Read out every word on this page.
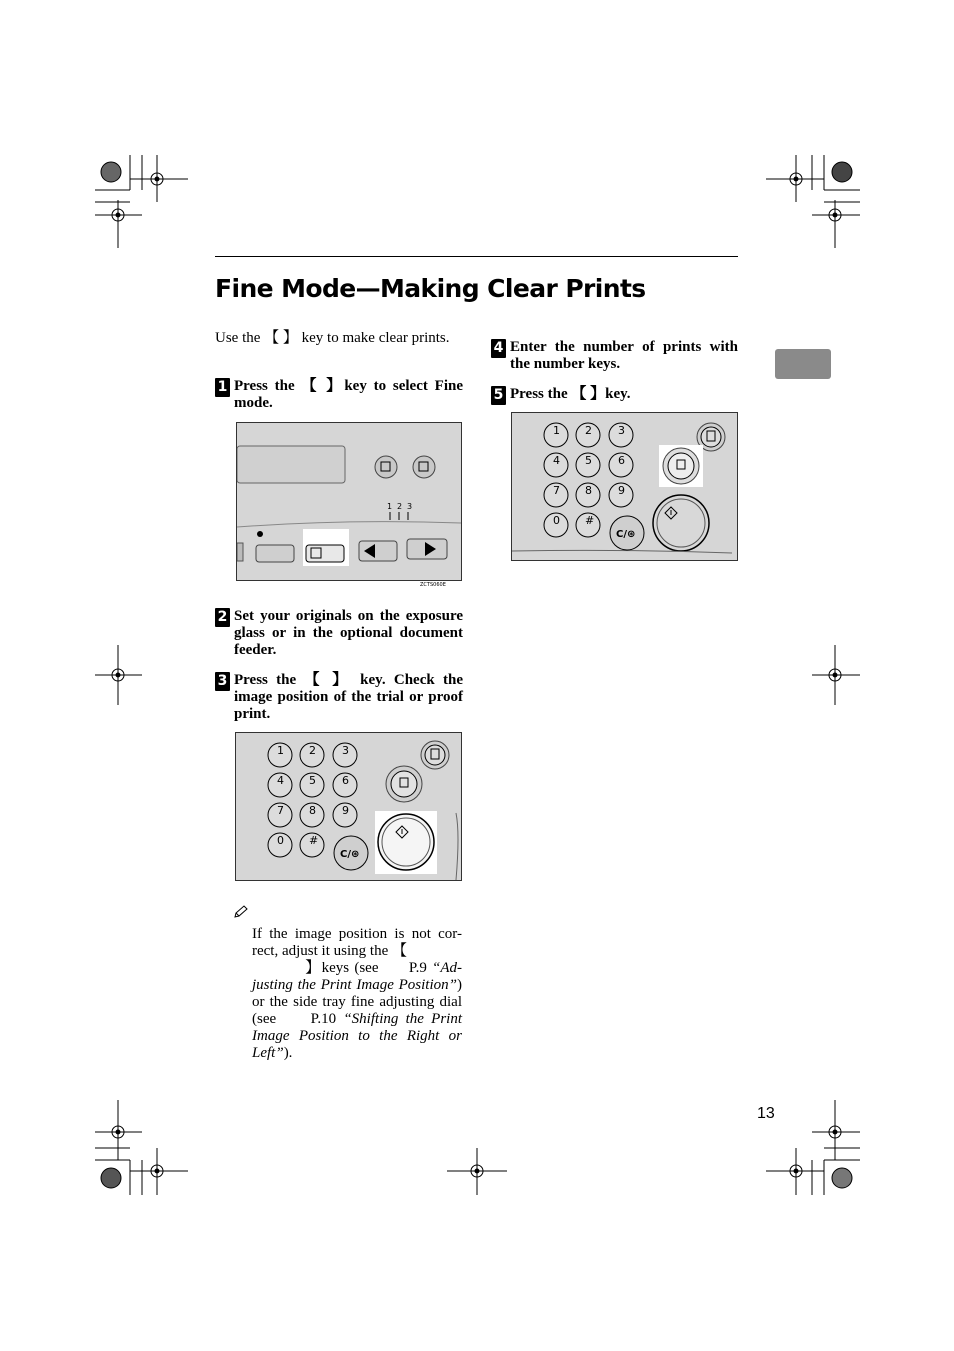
Fine Mode—Making Clear Prints
Use the 【 】 key to make clear prints.
1 Press the 【 】key to select Fine mode.
1 2 3
ZCTS060E
2 Set your originals on the exposure glass or in the optional document feeder.
3 Press the 【 】 key. Check the image position of the trial or proof print.
1 2 3
4 5 6
7 8 9
0 #
C/⊛
If the image position is not cor-rect, adjust it using the 【
】keys (see P.9 “Ad-justing the Print Image Position”) or the side tray fine adjusting dial (see P.10 “Shifting the Print Image Position to the Right or Left”).
4 Enter the number of prints with the number keys.
5 Press the 【 】key.
1 2 3
4 5 6
7 8 9
0 #
C/⊛
13
